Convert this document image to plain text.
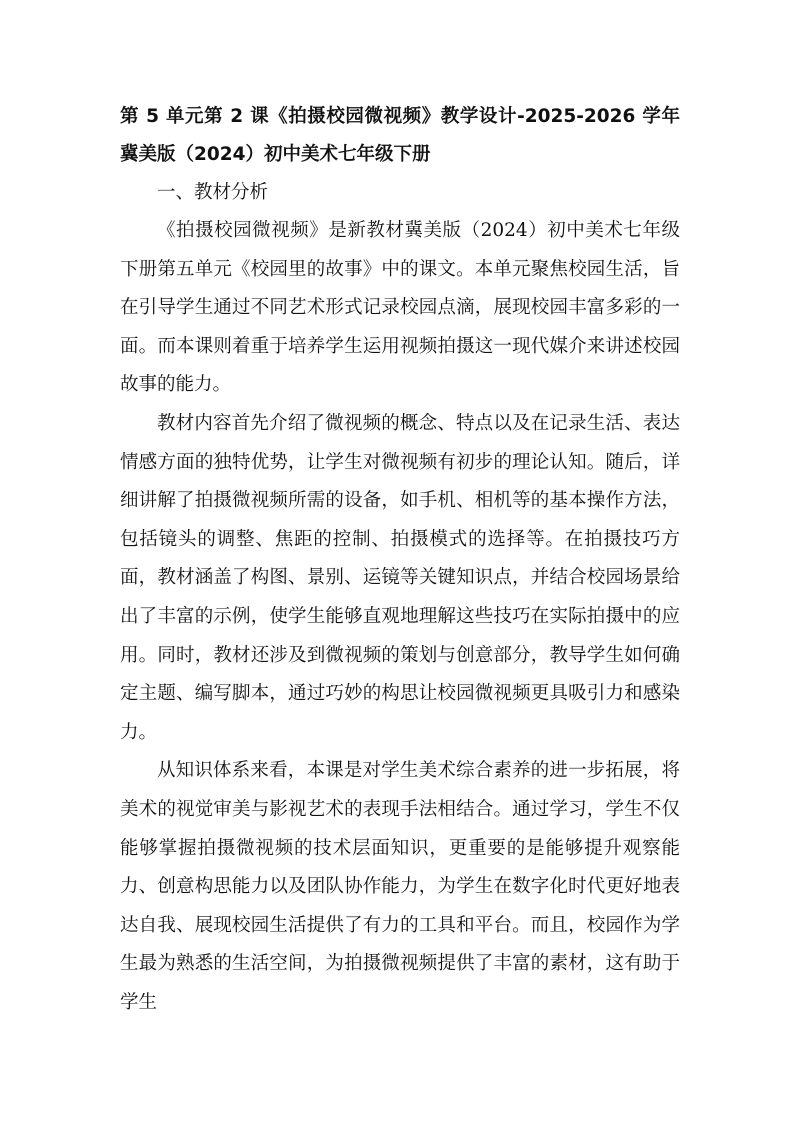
第 5 单元第 2 课《拍摄校园微视频》教学设计-2025-2026 学年冀美版（2024）初中美术七年级下册

一、教材分析

《拍摄校园微视频》是新教材冀美版（2024）初中美术七年级下册第五单元《校园里的故事》中的课文。本单元聚焦校园生活，旨在引导学生通过不同艺术形式记录校园点滴，展现校园丰富多彩的一面。而本课则着重于培养学生运用视频拍摄这一现代媒介来讲述校园故事的能力。

教材内容首先介绍了微视频的概念、特点以及在记录生活、表达情感方面的独特优势，让学生对微视频有初步的理论认知。随后，详细讲解了拍摄微视频所需的设备，如手机、相机等的基本操作方法，包括镜头的调整、焦距的控制、拍摄模式的选择等。在拍摄技巧方面，教材涵盖了构图、景别、运镜等关键知识点，并结合校园场景给出了丰富的示例，使学生能够直观地理解这些技巧在实际拍摄中的应用。同时，教材还涉及到微视频的策划与创意部分，教导学生如何确定主题、编写脚本，通过巧妙的构思让校园微视频更具吸引力和感染力。

从知识体系来看，本课是对学生美术综合素养的进一步拓展，将美术的视觉审美与影视艺术的表现手法相结合。通过学习，学生不仅能够掌握拍摄微视频的技术层面知识，更重要的是能够提升观察能力、创意构思能力以及团队协作能力，为学生在数字化时代更好地表达自我、展现校园生活提供了有力的工具和平台。而且，校园作为学生最为熟悉的生活空间，为拍摄微视频提供了丰富的素材，这有助于学生
